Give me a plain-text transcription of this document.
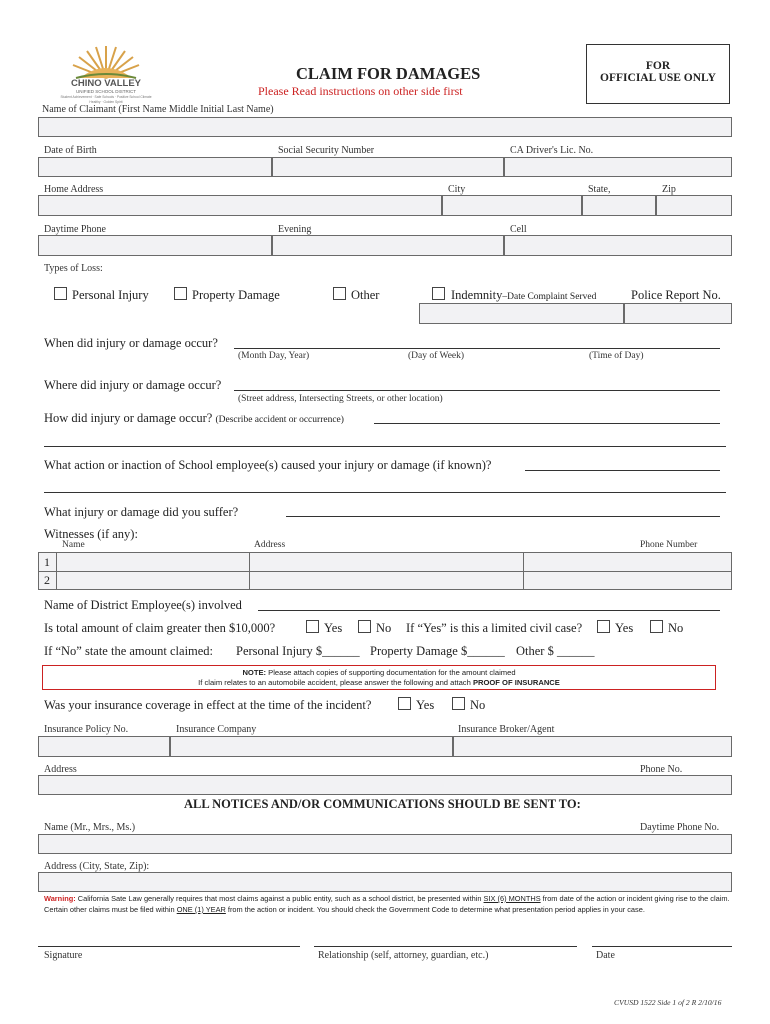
CHINO VALLEY
UNIFIED SCHOOL DISTRICT
Student Achievement · Safe Schools · Positive School Climate
Healthy · Golden Spirit
CLAIM FOR DAMAGES
Please Read instructions on other side first
FOR
OFFICIAL USE ONLY
Name of Claimant (First Name Middle Initial Last Name)
Date of Birth	Social Security Number	CA Driver's Lic. No.
Home Address	City	State,	Zip
Daytime Phone	Evening	Cell
Types of Loss:
Personal Injury	Property Damage	Other	Indemnity–Date Complaint Served	Police Report No.
When did injury or damage occur?
(Month Day, Year)	(Day of Week)	(Time of Day)
Where did injury or damage occur?
(Street address, Intersecting Streets, or other location)
How did injury or damage occur? (Describe accident or occurrence)
What action or inaction of School employee(s) caused your injury or damage (if known)?
What injury or damage did you suffer?
Witnesses (if any):
Name	Address	Phone Number
1
2
Name of District Employee(s) involved
Is total amount of claim greater then $10,000?	Yes	No If “Yes” is this a limited civil case?	Yes	No
If “No” state the amount claimed: Personal Injury $______ Property Damage $______ Other $ ______
NOTE: Please attach copies of supporting documentation for the amount claimed
If claim relates to an automobile accident, please answer the following and attach PROOF OF INSURANCE
Was your insurance coverage in effect at the time of the incident?	Yes	No
Insurance Policy No.	Insurance Company	Insurance Broker/Agent
Address	Phone No.
ALL NOTICES AND/OR COMMUNICATIONS SHOULD BE SENT TO:
Name (Mr., Mrs., Ms.)	Daytime Phone No.
Address (City, State, Zip):
Warning: California Sate Law generally requires that most claims against a public entity, such as a school district, be presented within SIX (6) MONTHS from date of the action or incident giving rise to the claim. Certain other claims must be filed within ONE (1) YEAR from the action or incident. You should check the Government Code to determine what presentation period applies in your case.
Signature	Relationship (self, attorney, guardian, etc.)	Date
CVUSD 1522 Side 1 of 2 R 2/10/16
